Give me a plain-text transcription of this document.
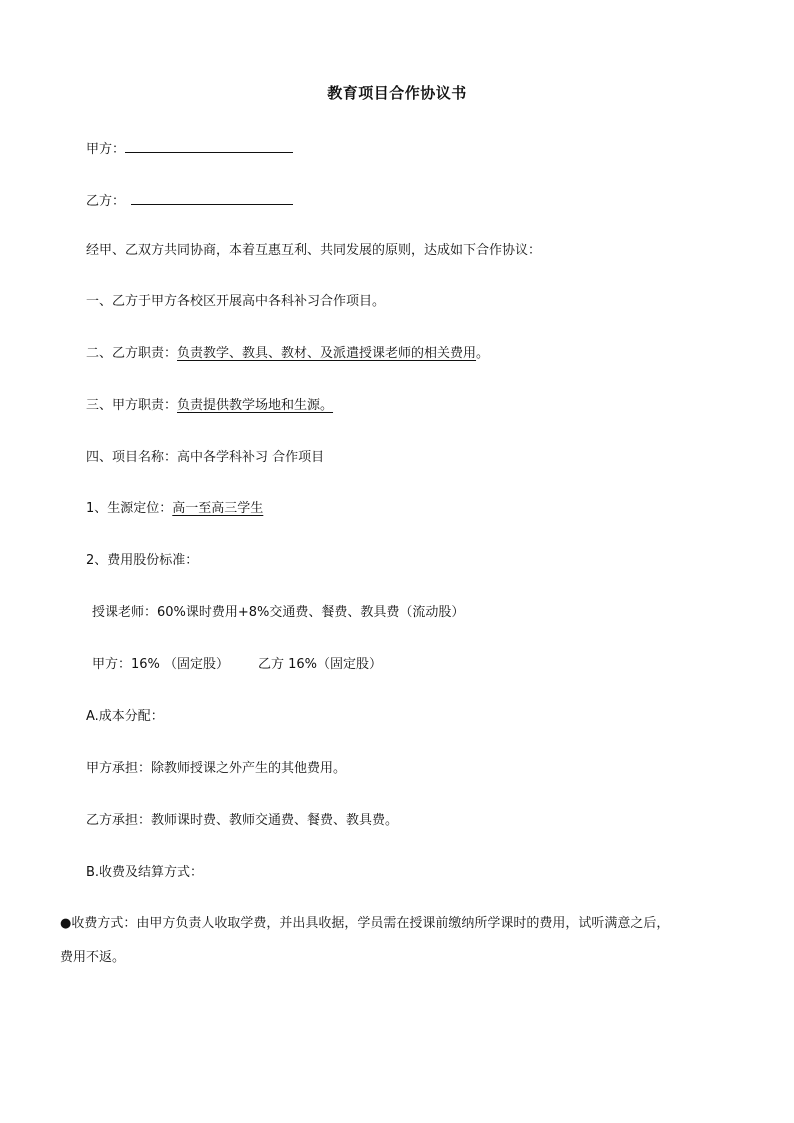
教育项目合作协议书
甲方：
乙方：
经甲、乙双方共同协商，本着互惠互利、共同发展的原则，达成如下合作协议：
一、乙方于甲方各校区开展高中各科补习合作项目。
二、乙方职责：负责教学、教具、教材、及派遣授课老师的相关费用。
三、甲方职责：负责提供教学场地和生源。
四、项目名称：高中各学科补习 合作项目
1、生源定位：高一至高三学生
2、费用股份标准：
授课老师：60%课时费用+8%交通费、餐费、教具费（流动股）
甲方：16% （固定股） 乙方 16%（固定股）
A.成本分配：
甲方承担：除教师授课之外产生的其他费用。
乙方承担：教师课时费、教师交通费、餐费、教具费。
B.收费及结算方式：
●收费方式：由甲方负责人收取学费，并出具收据，学员需在授课前缴纳所学课时的费用，试听满意之后，
费用不返。
